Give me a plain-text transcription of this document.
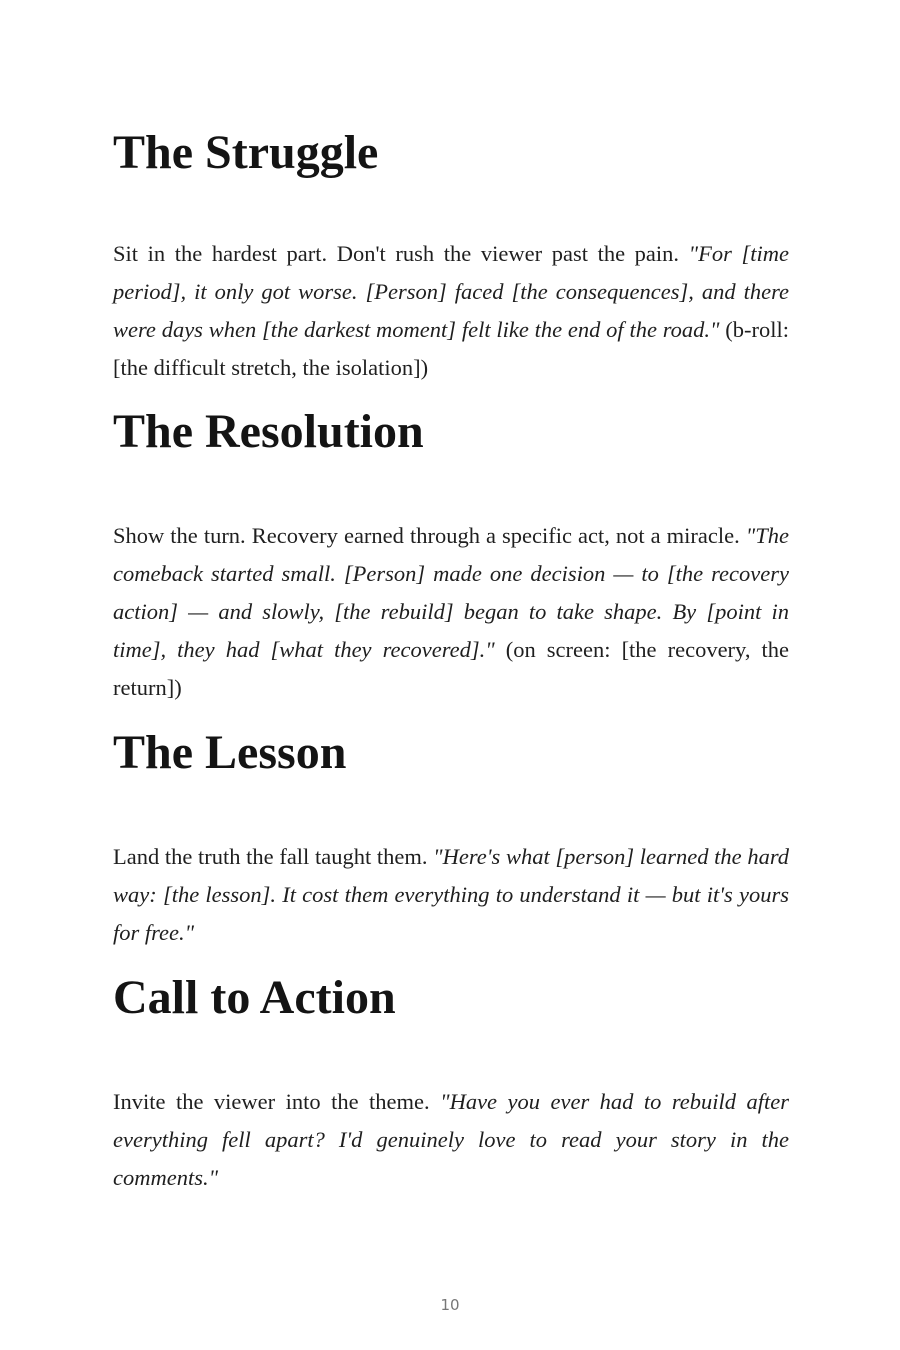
The Struggle

Sit in the hardest part. Don't rush the viewer past the pain. "For [time period], it only got worse. [Person] faced [the consequences], and there were days when [the darkest moment] felt like the end of the road." (b-roll: [the difficult stretch, the isolation])

The Resolution

Show the turn. Recovery earned through a specific act, not a miracle. "The comeback started small. [Person] made one decision — to [the recovery action] — and slowly, [the rebuild] began to take shape. By [point in time], they had [what they recovered]." (on screen: [the recovery, the return])

The Lesson

Land the truth the fall taught them. "Here's what [person] learned the hard way: [the lesson]. It cost them everything to understand it — but it's yours for free."

Call to Action

Invite the viewer into the theme. "Have you ever had to rebuild after everything fell apart? I'd genuinely love to read your story in the comments."

10
